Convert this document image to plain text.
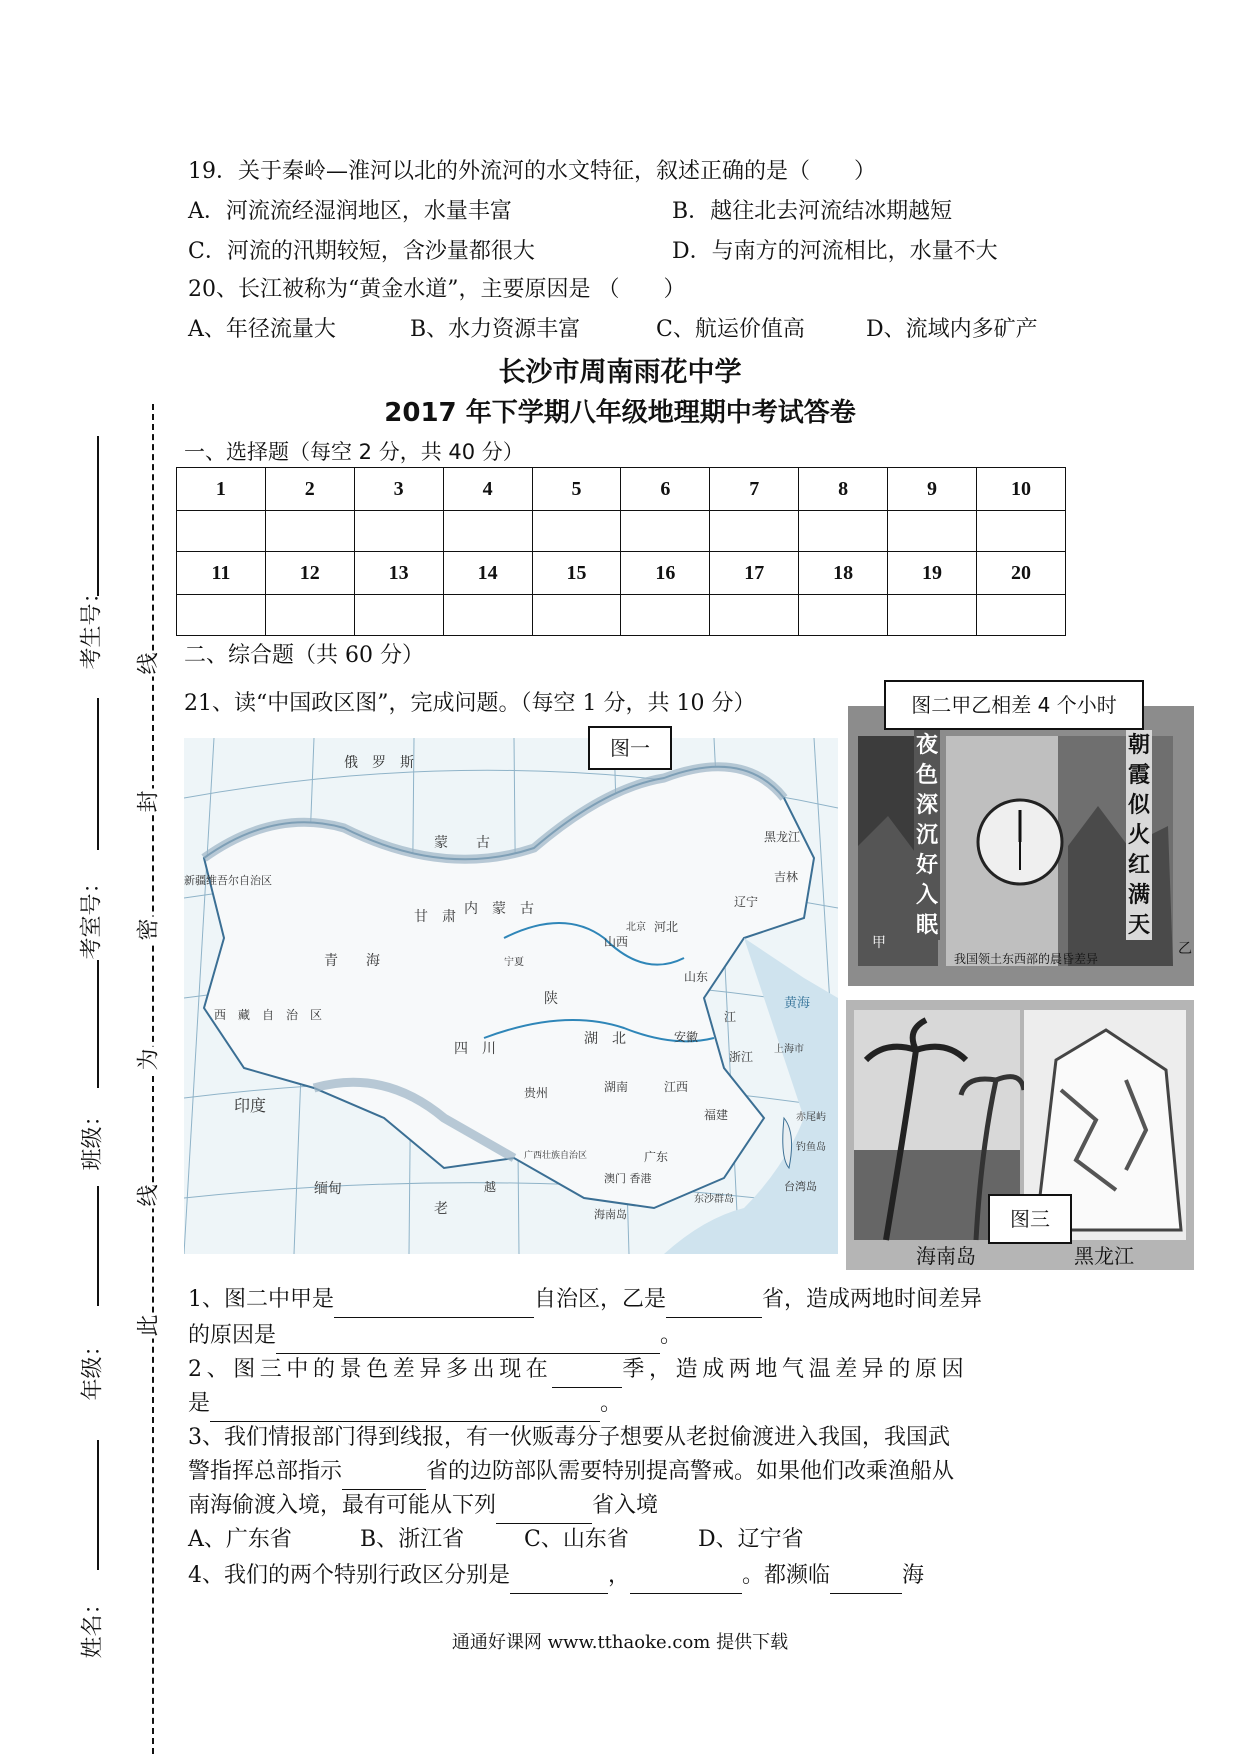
19．关于秦岭—淮河以北的外流河的水文特征，叙述正确的是（　　）
A．河流流经湿润地区，水量丰富	B．越往北去河流结冰期越短
C．河流的汛期较短，含沙量都很大	D．与南方的河流相比，水量不大
20、长江被称为“黄金水道”，主要原因是 （　　）
A、年径流量大	B、水力资源丰富	C、航运价值高	D、流域内多矿产
长沙市周南雨花中学
2017 年下学期八年级地理期中考试答卷
一、选择题（每空 2 分，共 40 分）
1	2	3	4	5	6	7	8	9	10

11	12	13	14	15	16	17	18	19	20

二、综合题（共 60 分）
21、读“中国政区图”，完成问题。（每空 1 分，共 10 分）
俄　罗　斯
蒙　　古
新疆维吾尔自治区
内　蒙　古
黑龙江
吉林
辽宁
甘　肃
青　　海
西　藏　自　治　区
四　川
陕
山西
河北
山东
湖　北	安徽
江
浙江
黄海
贵州	湖南	江西
福建
台湾岛
印度
缅甸
老
越
广西壮族自治区	广东
澳门 香港
海南岛
东沙群岛
上海市
钓鱼岛
赤尾屿
宁夏
北京
图一	夜色深沉好入眠
朝霞似火红满天
我国领土东西部的晨昏差异
甲	乙
图二甲乙相差 4 个小时
海南岛	黑龙江
图三
1、图二中甲是	自治区，乙是	省，造成两地时间差异
的原因是	。
2、图三中的景色差异多出现在	季，造成两地气温差异的原因
是	。
3、我们情报部门得到线报，有一伙贩毒分子想要从老挝偷渡进入我国，我国武
警指挥总部指示	省的边防部队需要特别提高警戒。如果他们改乘渔船从
南海偷渡入境，最有可能从下列	省入境
A、广东省	B、浙江省	C、山东省	D、辽宁省
4、我们的两个特别行政区分别是	，	。都濒临	海
通通好课网 www.tthaoke.com 提供下载
考生号：
考室号：
班级：
年级：
姓名：
线
封
密
为
线
此
